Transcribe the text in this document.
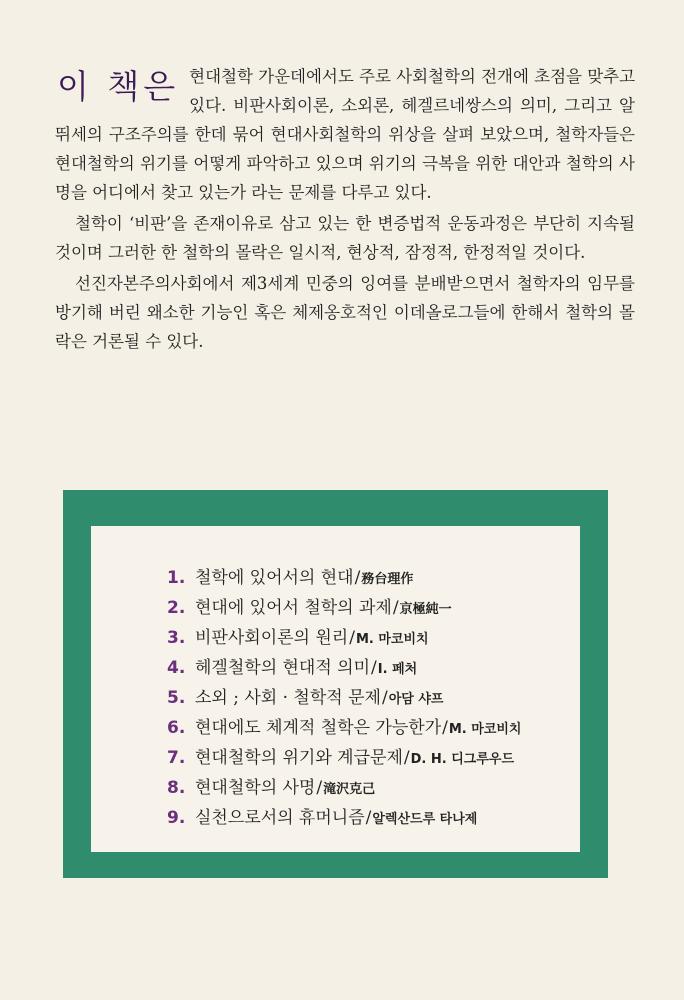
이 책은 현대철학 가운데에서도 주로 사회철학의 전개에 초점을 맞추고 있다. 비판사회이론, 소외론, 헤겔르네쌍스의 의미, 그리고 알뛰세의 구조주의를 한데 묶어 현대사회철학의 위상을 살펴 보았으며, 철학자들은 현대철학의 위기를 어떻게 파악하고 있으며 위기의 극복을 위한 대안과 철학의 사명을 어디에서 찾고 있는가 라는 문제를 다루고 있다.

철학이 ‘비판’을 존재이유로 삼고 있는 한 변증법적 운동과정은 부단히 지속될 것이며 그러한 한 철학의 몰락은 일시적, 현상적, 잠정적, 한정적일 것이다.

선진자본주의사회에서 제3세계 민중의 잉여를 분배받으면서 철학자의 임무를 방기해 버린 왜소한 기능인 혹은 체제옹호적인 이데올로그들에 한해서 철학의 몰락은 거론될 수 있다.

1. 철학에 있어서의 현대 / 務台理作
2. 현대에 있어서 철학의 과제 / 京極純一
3. 비판사회이론의 원리 / M. 마코비치
4. 헤겔철학의 현대적 의미 / I. 페처
5. 소외 ; 사회 · 철학적 문제 / 아담 샤프
6. 현대에도 체계적 철학은 가능한가 / M. 마코비치
7. 현대철학의 위기와 계급문제 / D. H. 디그루우드
8. 현대철학의 사명 / 滝沢克己
9. 실천으로서의 휴머니즘 / 알렉산드루 타나제
